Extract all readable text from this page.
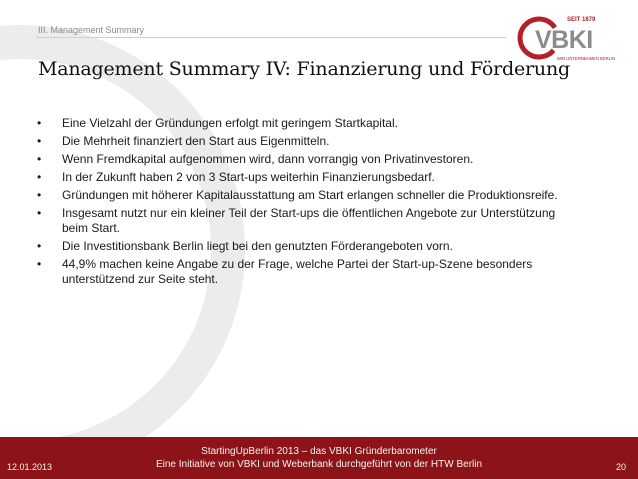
III. Management Summary
SEIT 1879
VBKI
WIR UNTERNEHMEN BERLIN
Management Summary IV: Finanzierung und Förderung
• Eine Vielzahl der Gründungen erfolgt mit geringem Startkapital.
• Die Mehrheit finanziert den Start aus Eigenmitteln.
• Wenn Fremdkapital aufgenommen wird, dann vorrangig von Privatinvestoren.
• In der Zukunft haben 2 von 3 Start-ups weiterhin Finanzierungsbedarf.
• Gründungen mit höherer Kapitalausstattung am Start erlangen schneller die Produktionsreife.
• Insgesamt nutzt nur ein kleiner Teil der Start-ups die öffentlichen Angebote zur Unterstützung beim Start.
• Die Investitionsbank Berlin liegt bei den genutzten Förderangeboten vorn.
• 44,9% machen keine Angabe zu der Frage, welche Partei der Start-up-Szene besonders unterstützend zur Seite steht.
StartingUpBerlin 2013 – das VBKI Gründerbarometer
Eine Initiative von VBKI und Weberbank durchgeführt von der HTW Berlin
12.01.2013	20
